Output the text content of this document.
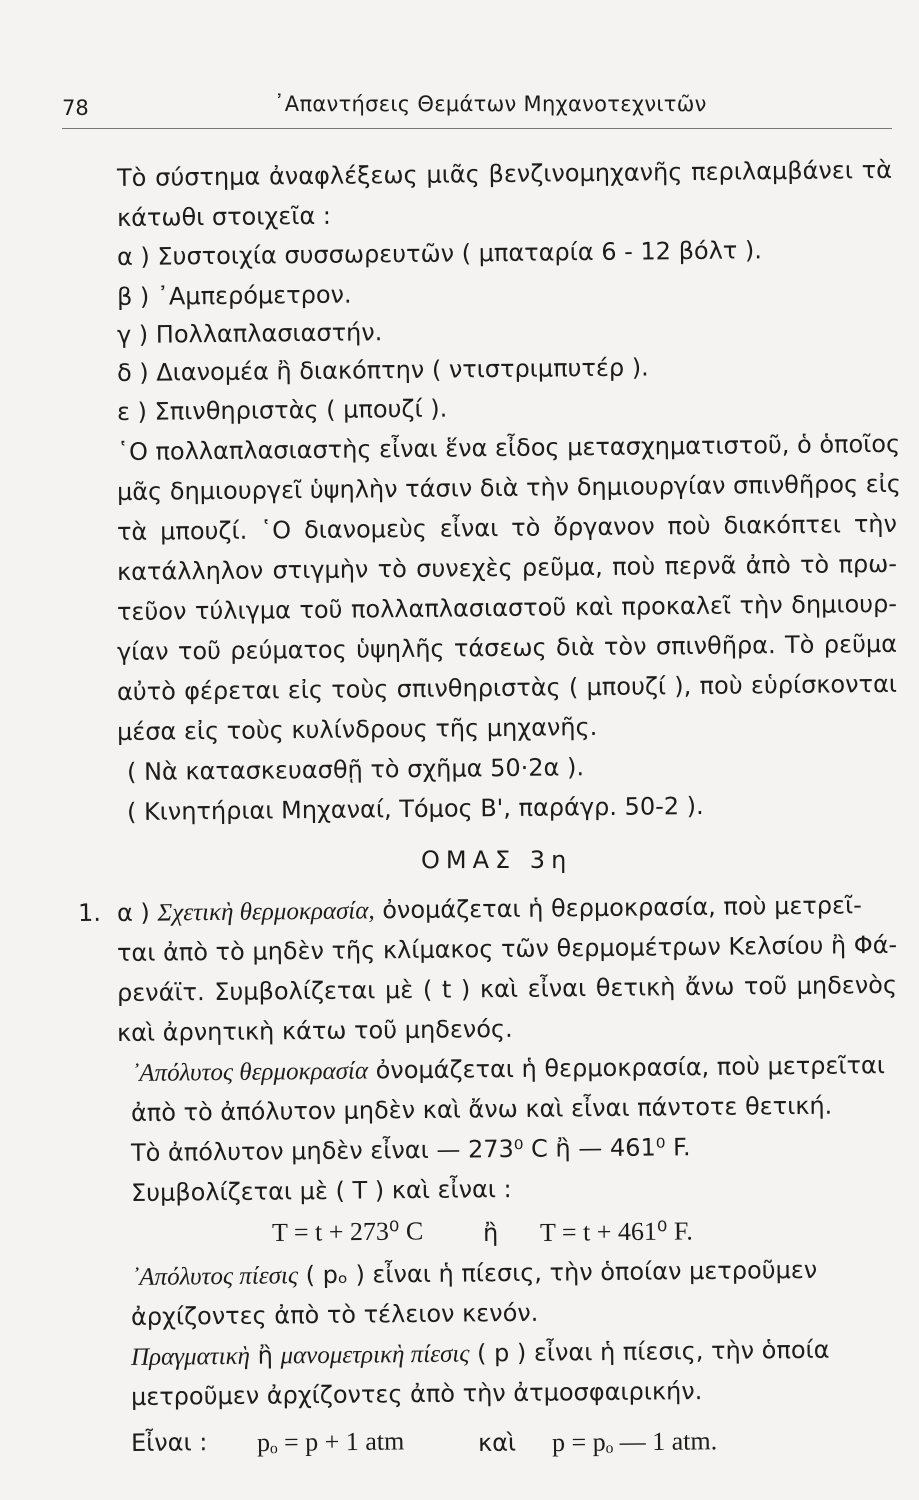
78	᾽Απαντήσεις Θεμάτων Μηχανοτεχνιτῶν
Τὸ σύστημα ἀναφλέξεως μιᾶς βενζινομηχανῆς περιλαμβάνει τὰ
κάτωθι στοιχεῖα :
α ) Συστοιχία συσσωρευτῶν ( μπαταρία 6 - 12 βόλτ ).
β ) ᾽Αμπερόμετρον.
γ ) Πολλαπλασιαστήν.
δ ) Διανομέα ἢ διακόπτην ( ντιστριμπυτέρ ).
ε ) Σπινθηριστὰς ( μπουζί ).
῾Ο πολλαπλασιαστὴς εἶναι ἕνα εἶδος μετασχηματιστοῦ, ὁ ὁποῖος
μᾶς δημιουργεῖ ὑψηλὴν τάσιν διὰ τὴν δημιουργίαν σπινθῆρος εἰς
τὰ μπουζί. ῾Ο διανομεὺς εἶναι τὸ ὄργανον ποὺ διακόπτει τὴν
κατάλληλον στιγμὴν τὸ συνεχὲς ρεῦμα, ποὺ περνᾶ ἀπὸ τὸ πρω-
τεῦον τύλιγμα τοῦ πολλαπλασιαστοῦ καὶ προκαλεῖ τὴν δημιουρ-
γίαν τοῦ ρεύματος ὑψηλῆς τάσεως διὰ τὸν σπινθῆρα. Τὸ ρεῦμα
αὐτὸ φέρεται εἰς τοὺς σπινθηριστὰς ( μπουζί ), ποὺ εὑρίσκονται
μέσα εἰς τοὺς κυλίνδρους τῆς μηχανῆς.
( Νὰ κατασκευασθῇ τὸ σχῆμα 50·2α ).
( Κινητήριαι Μηχαναί, Τόμος Β', παράγρ. 50-2 ).
ΟΜΑΣ 3η
1. α ) Σχετικὴ θερμοκρασία, ὀνομάζεται ἡ θερμοκρασία, ποὺ μετρεῖ-
ται ἀπὸ τὸ μηδὲν τῆς κλίμακος τῶν θερμομέτρων Κελσίου ἢ Φά-
ρενάϊτ. Συμβολίζεται μὲ ( t ) καὶ εἶναι θετικὴ ἄνω τοῦ μηδενὸς
καὶ ἀρνητικὴ κάτω τοῦ μηδενός.
᾽Απόλυτος θερμοκρασία ὀνομάζεται ἡ θερμοκρασία, ποὺ μετρεῖται
ἀπὸ τὸ ἀπόλυτον μηδὲν καὶ ἄνω καὶ εἶναι πάντοτε θετική.
Τὸ ἀπόλυτον μηδὲν εἶναι — 273⁰ C ἢ — 461⁰ F.
Συμβολίζεται μὲ ( T ) καὶ εἶναι :
T = t + 273⁰ C ἢ T = t + 461⁰ F.
᾽Απόλυτος πίεσις ( pₒ ) εἶναι ἡ πίεσις, τὴν ὁποίαν μετροῦμεν
ἀρχίζοντες ἀπὸ τὸ τέλειον κενόν.
Πραγματικὴ ἢ μανομετρικὴ πίεσις ( p ) εἶναι ἡ πίεσις, τὴν ὁποία
μετροῦμεν ἀρχίζοντες ἀπὸ τὴν ἀτμοσφαιρικήν.
Εἶναι : pₒ = p + 1 atm	καὶ p = pₒ — 1 atm.
